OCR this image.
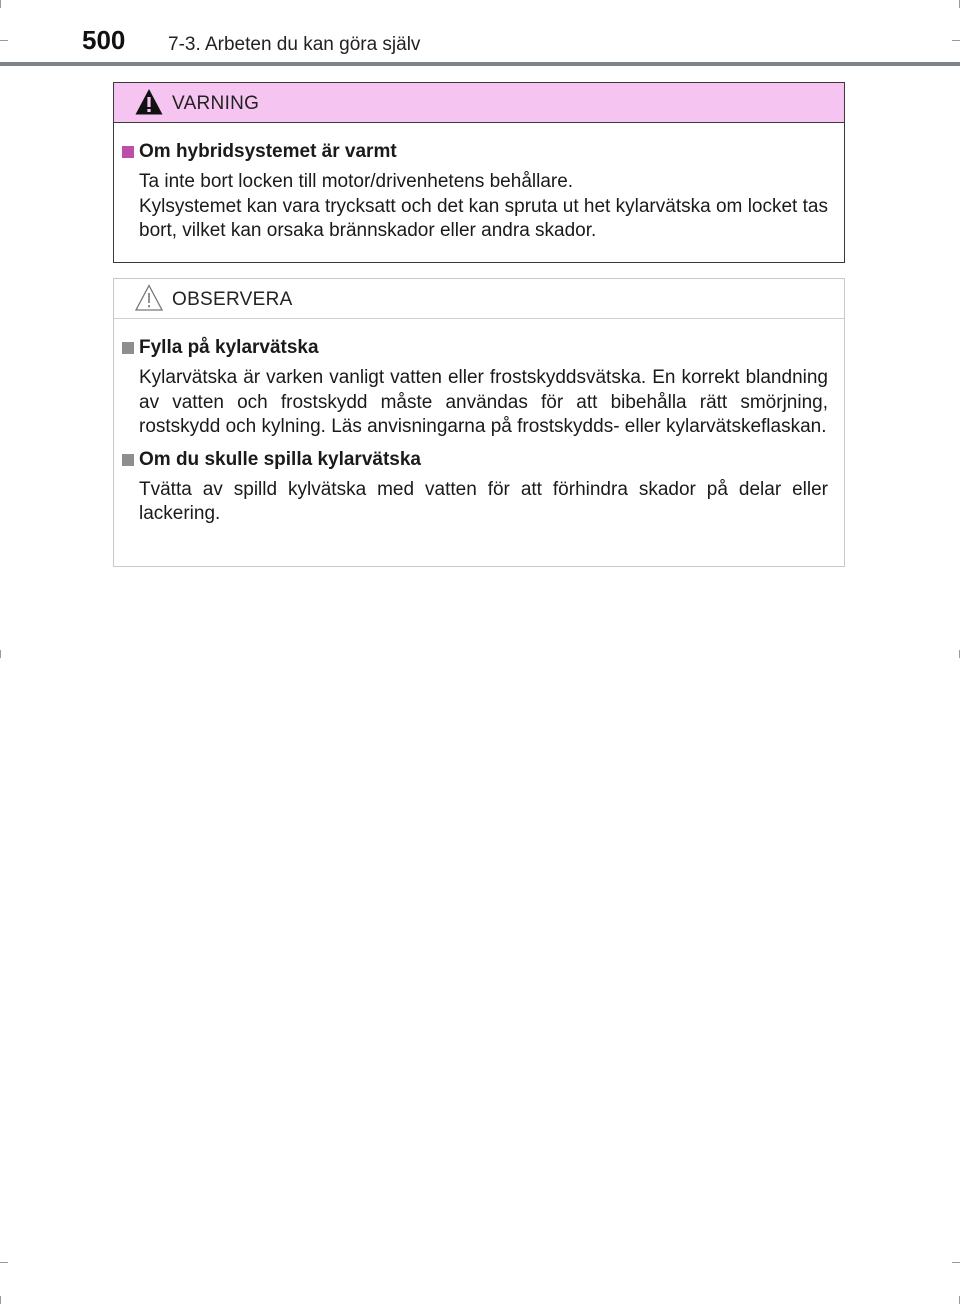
500 7-3. Arbeten du kan göra själv
VARNING
Om hybridsystemet är varmt

Ta inte bort locken till motor/drivenhetens behållare.

Kylsystemet kan vara trycksatt och det kan spruta ut het kylarvätska om locket tas bort, vilket kan orsaka brännskador eller andra skador.

OBSERVERA
Fylla på kylarvätska

Kylarvätska är varken vanligt vatten eller frostskyddsvätska. En korrekt blandning av vatten och frostskydd måste användas för att bibehålla rätt smörjning, rostskydd och kylning. Läs anvisningarna på frostskydds- eller kylarvätskeflaskan.

Om du skulle spilla kylarvätska

Tvätta av spilld kylvätska med vatten för att förhindra skador på delar eller lackering.
